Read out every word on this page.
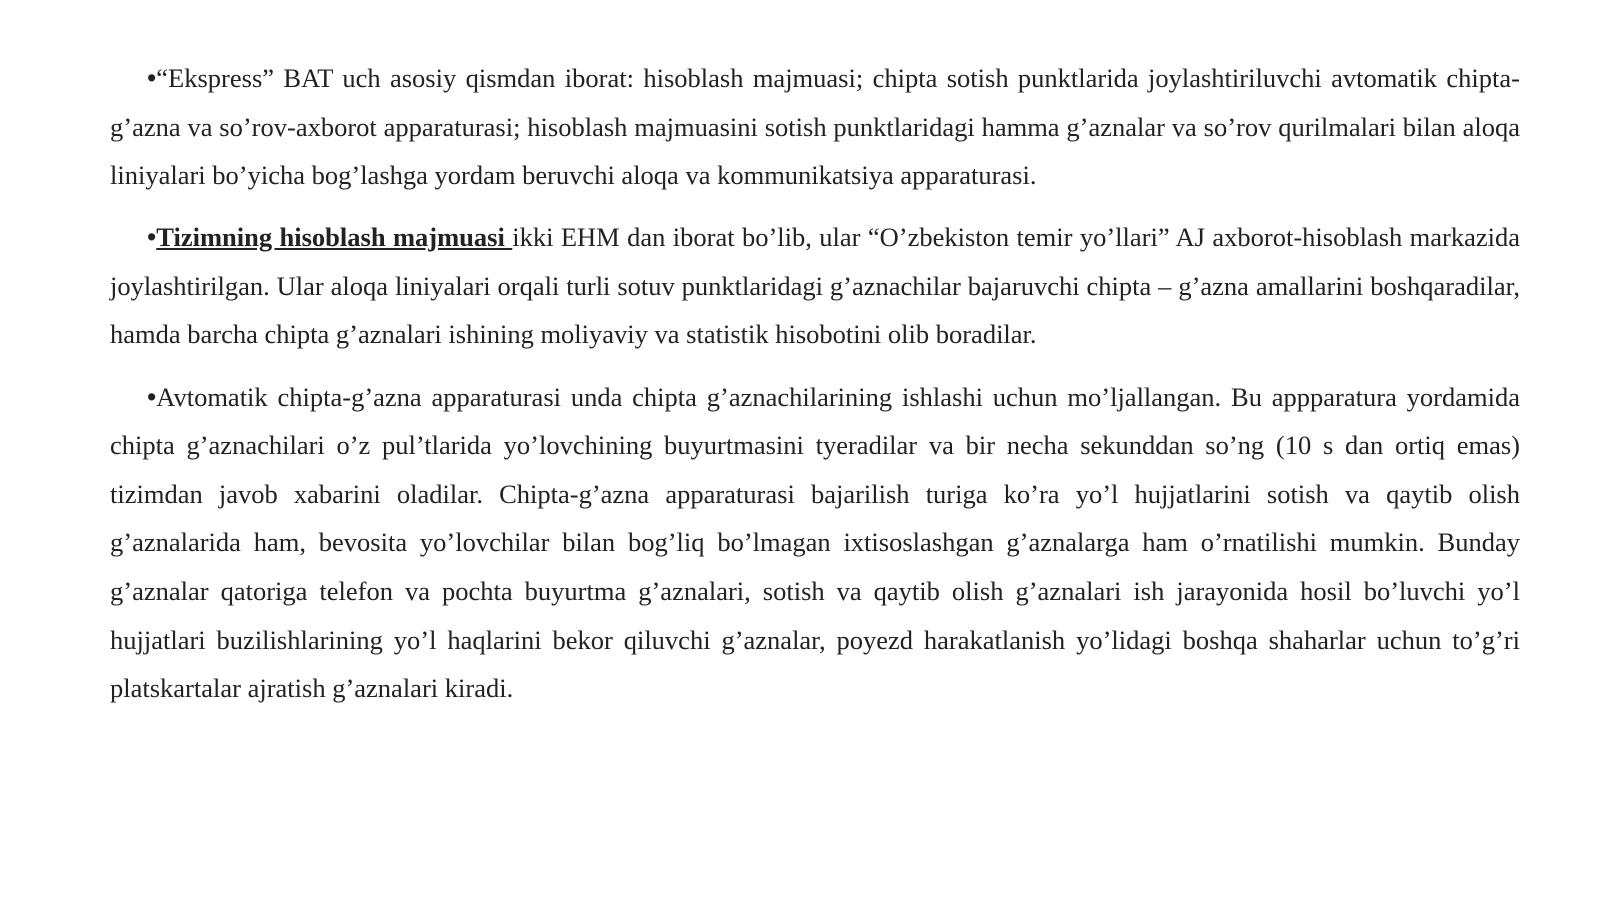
•“Ekspress” BAT uch asosiy qismdan iborat: hisoblash majmuasi; chipta sotish punktlarida joylashtiriluvchi avtomatik chipta-g’azna va so’rov-axborot apparaturasi; hisoblash majmuasini sotish punktlaridagi hamma g’aznalar va so’rov qurilmalari bilan aloqa liniyalari bo’yicha bog’lashga yordam beruvchi aloqa va kommunikatsiya apparaturasi.

•Tizimning hisoblash majmuasi ikki EHM dan iborat bo’lib, ular “O’zbekiston temir yo’llari” AJ axborot-hisoblash markazida joylashtirilgan. Ular aloqa liniyalari orqali turli sotuv punktlaridagi g’aznachilar bajaruvchi chipta – g’azna amallarini boshqaradilar, hamda barcha chipta g’aznalari ishining moliyaviy va statistik hisobotini olib boradilar.

•Avtomatik chipta-g’azna apparaturasi unda chipta g’aznachilarining ishlashi uchun mo’ljallangan. Bu appparatura yordamida chipta g’aznachilari o’z pul’tlarida yo’lovchining buyurtmasini tyeradilar va bir necha sekunddan so’ng (10 s dan ortiq emas) tizimdan javob xabarini oladilar. Chipta-g’azna apparaturasi bajarilish turiga ko’ra yo’l hujjatlarini sotish va qaytib olish g’aznalarida ham, bevosita yo’lovchilar bilan bog’liq bo’lmagan ixtisoslashgan g’aznalarga ham o’rnatilishi mumkin. Bunday g’aznalar qatoriga telefon va pochta buyurtma g’aznalari, sotish va qaytib olish g’aznalari ish jarayonida hosil bo’luvchi yo’l hujjatlari buzilishlarining yo’l haqlarini bekor qiluvchi g’aznalar, poyezd harakatlanish yo’lidagi boshqa shaharlar uchun to’g’ri platskartalar ajratish g’aznalari kiradi.
